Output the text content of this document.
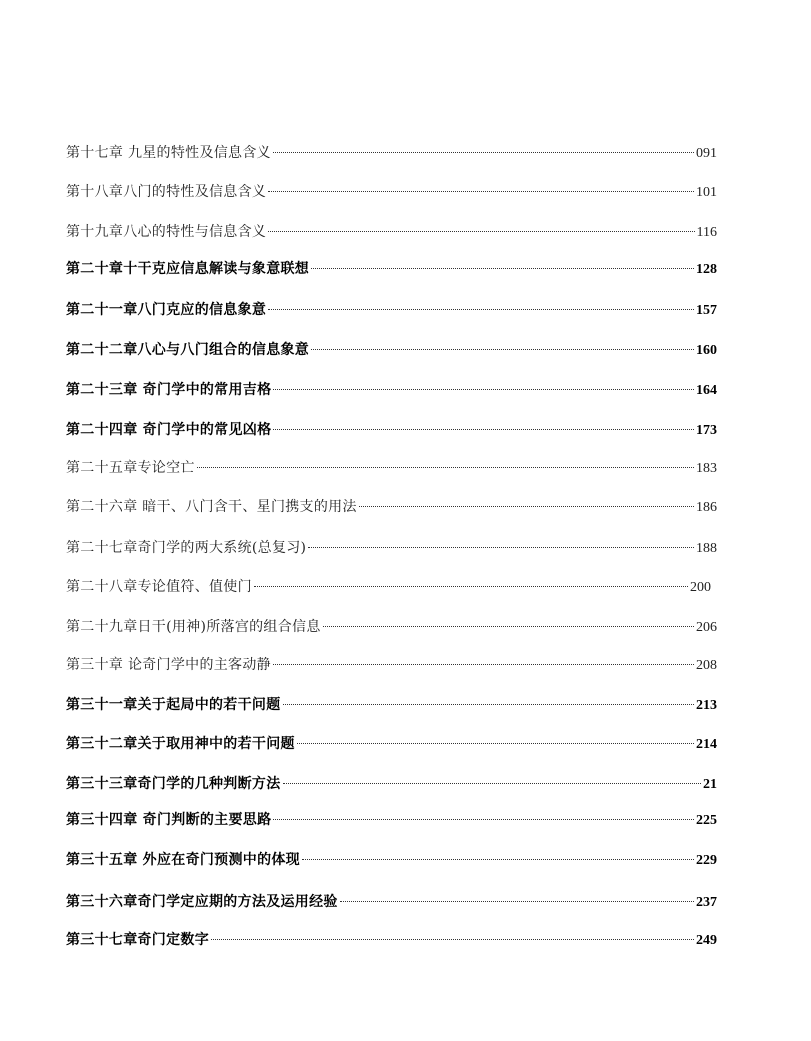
第十七章 九星的特性及信息含义	091
第十八章八门的特性及信息含义	101
第十九章八心的特性与信息含义	116
第二十章十干克应信息解读与象意联想	128
第二十一章八门克应的信息象意	157
第二十二章八心与八门组合的信息象意	160
第二十三章 奇门学中的常用吉格	164
第二十四章 奇门学中的常见凶格	173
第二十五章专论空亡	183
第二十六章 暗干、八门含干、星门携支的用法	186
第二十七章奇门学的两大系统(总复习)	188
第二十八章专论值符、值使门	200
第二十九章日干(用神)所落宫的组合信息	206
第三十章 论奇门学中的主客动静	208
第三十一章关于起局中的若干问题	213
第三十二章关于取用神中的若干问题	214
第三十三章奇门学的几种判断方法	21
第三十四章 奇门判断的主要思路	225
第三十五章 外应在奇门预测中的体现	229
第三十六章奇门学定应期的方法及运用经验	237
第三十七章奇门定数字	249
